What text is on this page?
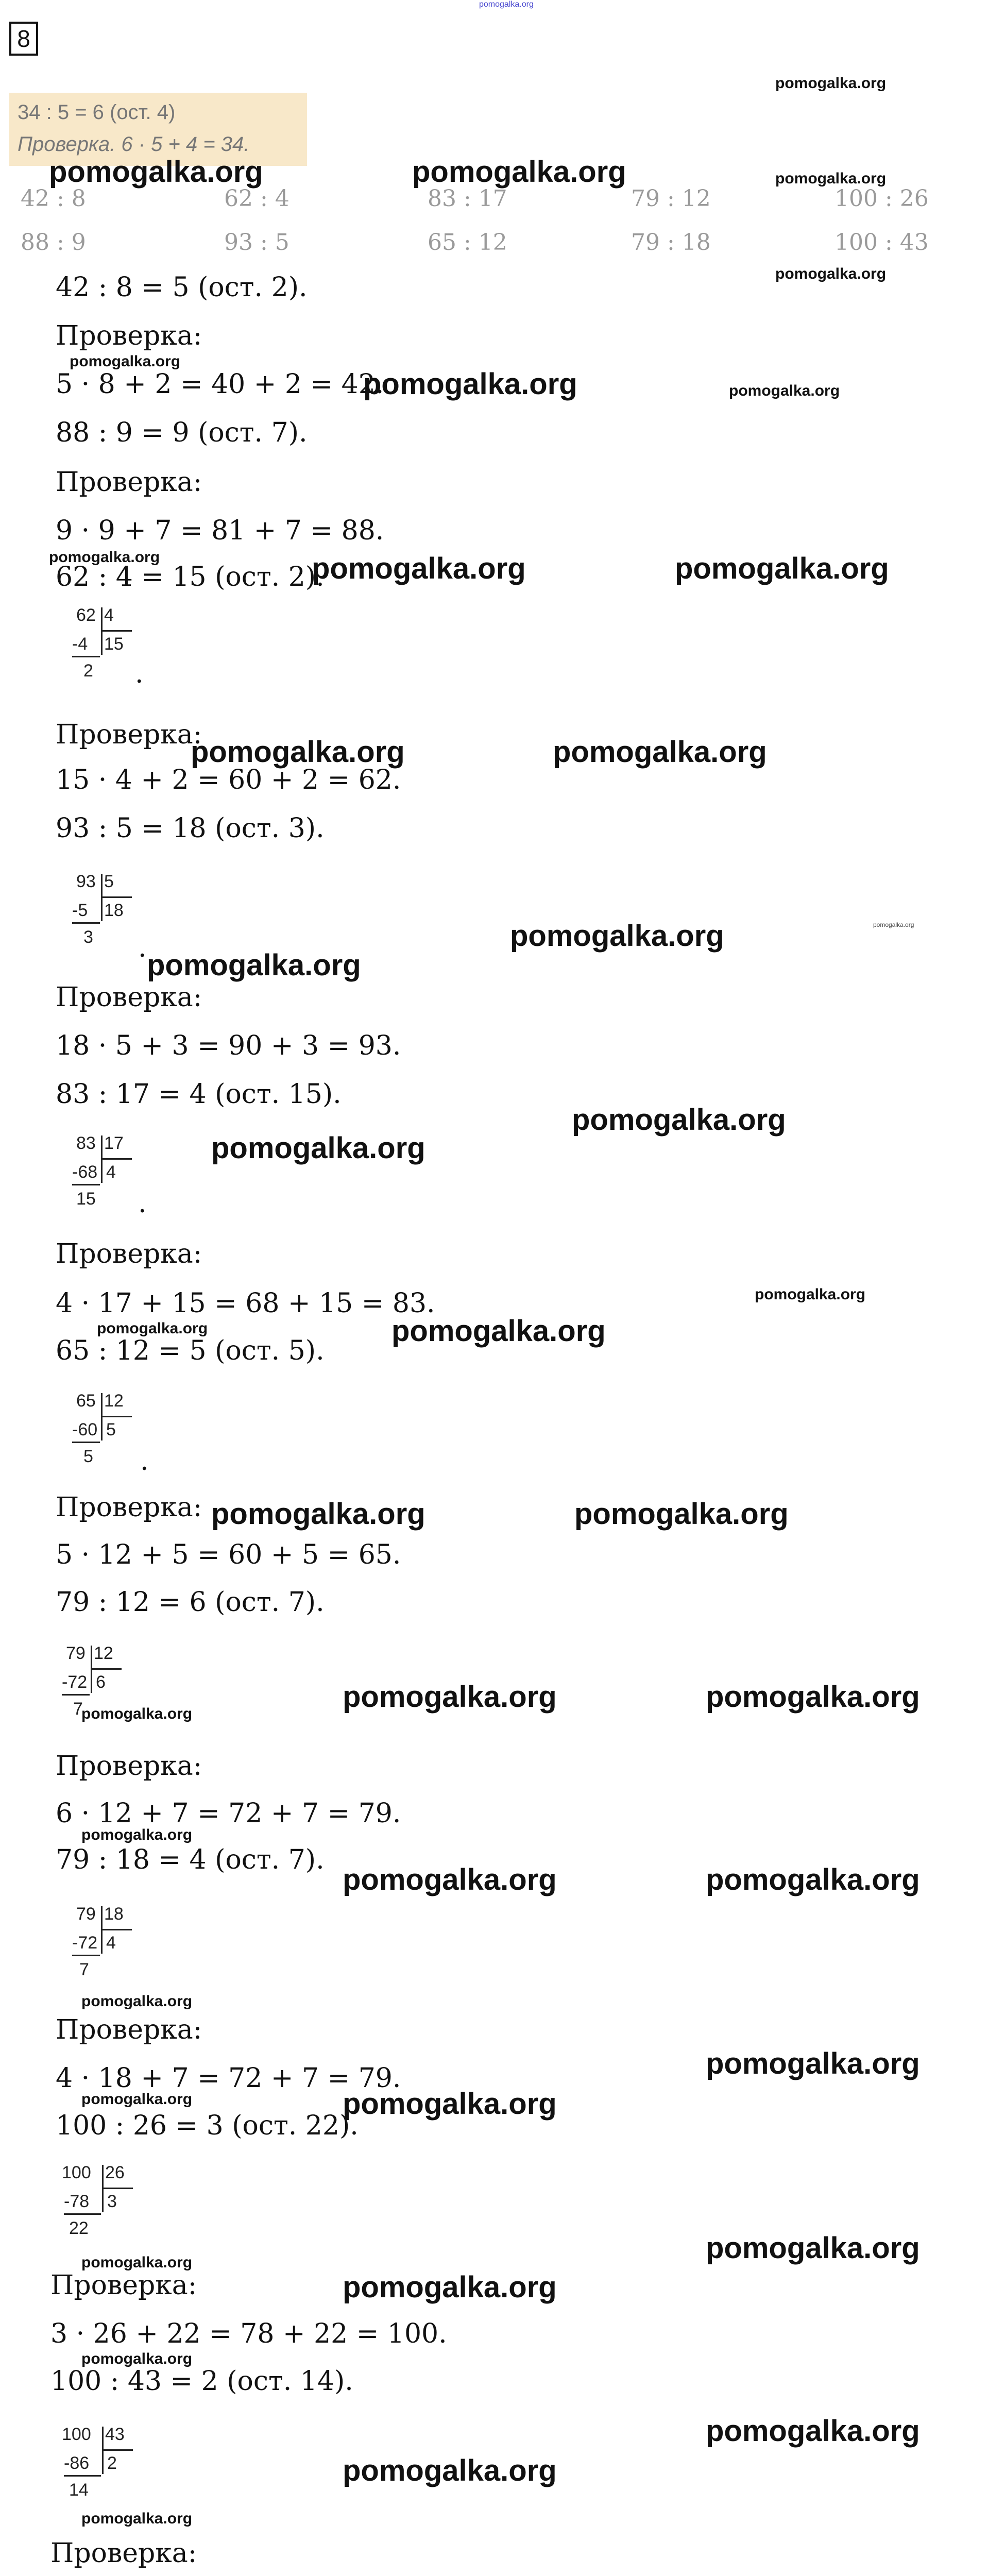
pomogalka.org
8
34 : 5 = 6 (ост. 4)
Проверка. 6 · 5 + 4 = 34.
42 : 8	62 : 4	83 : 17	79 : 12	100 : 26
88 : 9	93 : 5	65 : 12	79 : 18	100 : 43
42 : 8 = 5 (ост. 2).
Проверка:
5 · 8 + 2 = 40 + 2 = 42.
88 : 9 = 9 (ост. 7).
Проверка:
9 · 9 + 7 = 81 + 7 = 88.
62 : 4 = 15 (ост. 2).
62 4
-4 15
2 .
Проверка:
15 · 4 + 2 = 60 + 2 = 62.
93 : 5 = 18 (ост. 3).
93 5
-5 18
3 .
Проверка:
18 · 5 + 3 = 90 + 3 = 93.
83 : 17 = 4 (ост. 15).
83 17
-68 4
15 .
Проверка:
4 · 17 + 15 = 68 + 15 = 83.
65 : 12 = 5 (ост. 5).
65 12
-60 5
5 .
Проверка:
5 · 12 + 5 = 60 + 5 = 65.
79 : 12 = 6 (ост. 7).
79 12
-72 6
7
Проверка:
6 · 12 + 7 = 72 + 7 = 79.
79 : 18 = 4 (ост. 7).
79 18
-72 4
7
Проверка:
4 · 18 + 7 = 72 + 7 = 79.
100 : 26 = 3 (ост. 22).
100 26
-78 3
22
Проверка:
3 · 26 + 22 = 78 + 22 = 100.
100 : 43 = 2 (ост. 14).
100 43
-86 2
14
Проверка:
pomogalka.org
pomogalka.org	pomogalka.org	pomogalka.org
pomogalka.org
pomogalka.org
pomogalka.org	pomogalka.org
pomogalka.org	pomogalka.org	pomogalka.org
pomogalka.org	pomogalka.org
pomogalka.org
pomogalka.org
pomogalka.org
pomogalka.org
pomogalka.org
pomogalka.org
pomogalka.org	pomogalka.org
pomogalka.org	pomogalka.org
pomogalka.org	pomogalka.org
pomogalka.org
pomogalka.org
pomogalka.org	pomogalka.org
pomogalka.org
pomogalka.org
pomogalka.org	pomogalka.org
pomogalka.org
pomogalka.org
pomogalka.org
pomogalka.org
pomogalka.org
pomogalka.org
pomogalka.org
